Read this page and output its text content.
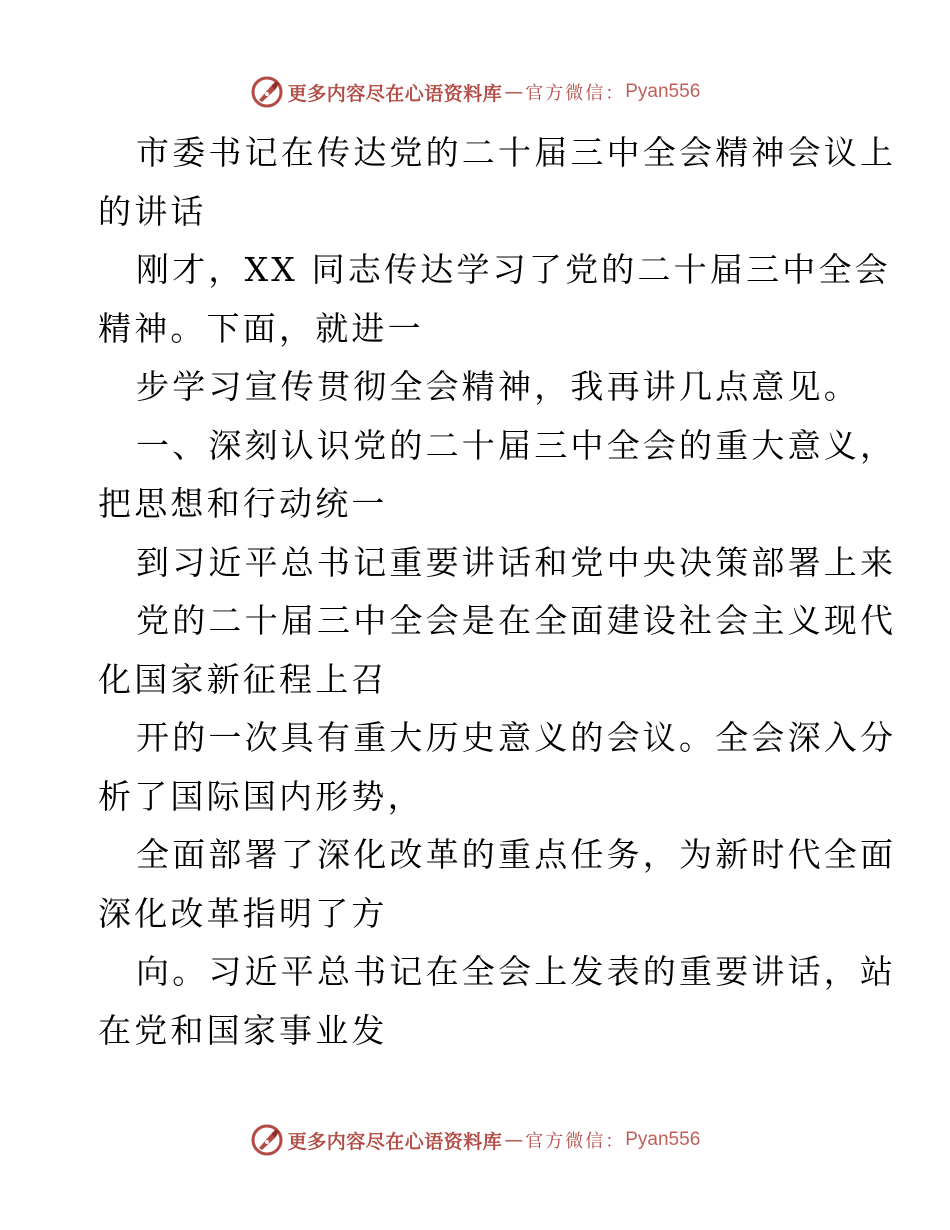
更多内容尽在心语资料库 — 官方微信： Pyan556
市委书记在传达党的二十届三中全会精神会议上
的讲话
刚才，XX 同志传达学习了党的二十届三中全会
精神。下面，就进一
步学习宣传贯彻全会精神，我再讲几点意见。
一、深刻认识党的二十届三中全会的重大意义，
把思想和行动统一
到习近平总书记重要讲话和党中央决策部署上来
党的二十届三中全会是在全面建设社会主义现代
化国家新征程上召
开的一次具有重大历史意义的会议。全会深入分
析了国际国内形势，
全面部署了深化改革的重点任务，为新时代全面
深化改革指明了方
向。习近平总书记在全会上发表的重要讲话，站
在党和国家事业发
更多内容尽在心语资料库 — 官方微信： Pyan556
